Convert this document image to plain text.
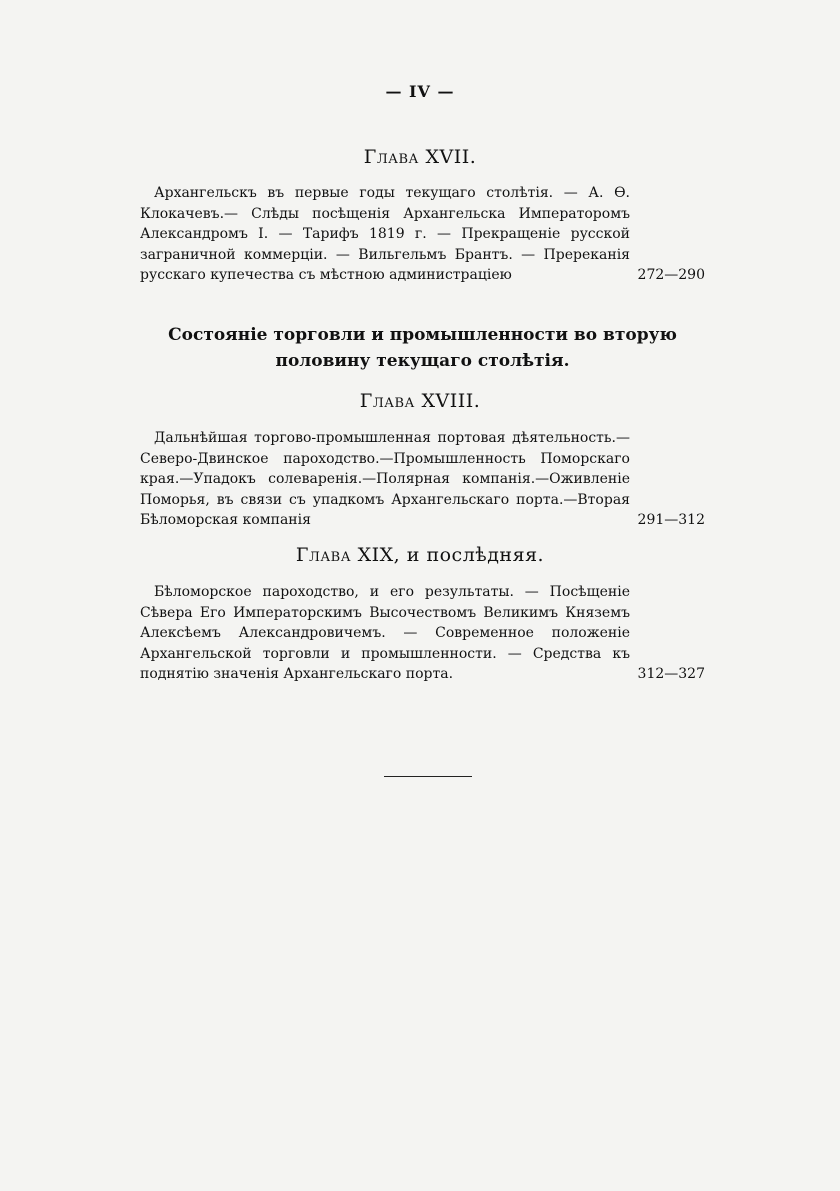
— IV —
Глава XVII.
Архангельскъ въ первые годы текущаго столѣтія. — А. Ѳ. Клокачевъ.— Слѣды посѣщенія Архангельска Императоромъ Александромъ I. — Тарифъ 1819 г. — Прекращеніе русской заграничной коммерціи. — Вильгельмъ Брантъ. — Пререканія русскаго купечества съ мѣстною администраціею	272—290
Состояніе торговли и промышленности во вторую половину текущаго столѣтія.
Глава XVIII.
Дальнѣйшая торгово-промышленная портовая дѣятельность.—Северо-Двинское пароходство.—Промышленность Поморскаго края.—Упадокъ солеваренія.—Полярная компанія.—Оживленіе Поморья, въ связи съ упадкомъ Архангельскаго порта.—Вторая Бѣломорская компанія	291—312
Глава XIX, и послѣдняя.
Бѣломорское пароходство, и его результаты. — Посѣщеніе Сѣвера Его Императорскимъ Высочествомъ Великимъ Княземъ Алексѣемъ Александровичемъ. — Современное положеніе Архангельской торговли и промышленности. — Средства къ поднятію значенія Архангельскаго порта.	312—327
